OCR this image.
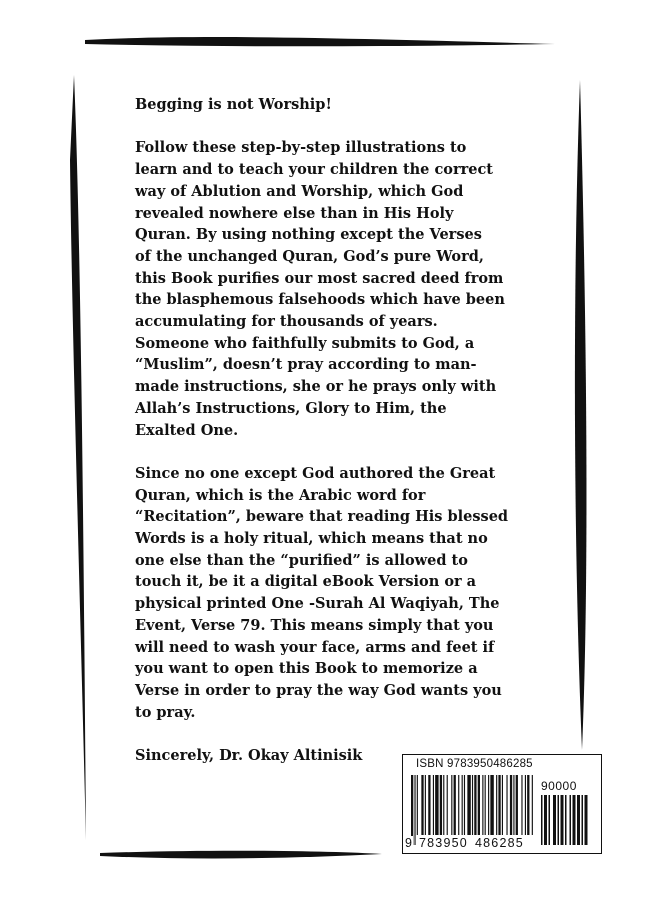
Begging is not Worship!

Follow these step-by-step illustrations to
learn and to teach your children the correct
way of Ablution and Worship, which God
revealed nowhere else than in His Holy
Quran. By using nothing except the Verses
of the unchanged Quran, God’s pure Word,
this Book purifies our most sacred deed from
the blasphemous falsehoods which have been
accumulating for thousands of years.
Someone who faithfully submits to God, a
“Muslim”, doesn’t pray according to man-
made instructions, she or he prays only with
Allah’s Instructions, Glory to Him, the
Exalted One.

Since no one except God authored the Great
Quran, which is the Arabic word for
“Recitation”, beware that reading His blessed
Words is a holy ritual, which means that no
one else than the “purified” is allowed to
touch it, be it a digital eBook Version or a
physical printed One -Surah Al Waqiyah, The
Event, Verse 79. This means simply that you
will need to wash your face, arms and feet if
you want to open this Book to memorize a
Verse in order to pray the way God wants you
to pray.

Sincerely, Dr. Okay Altinisik	ISBN 9783950486285
90000
9 783950 486285
